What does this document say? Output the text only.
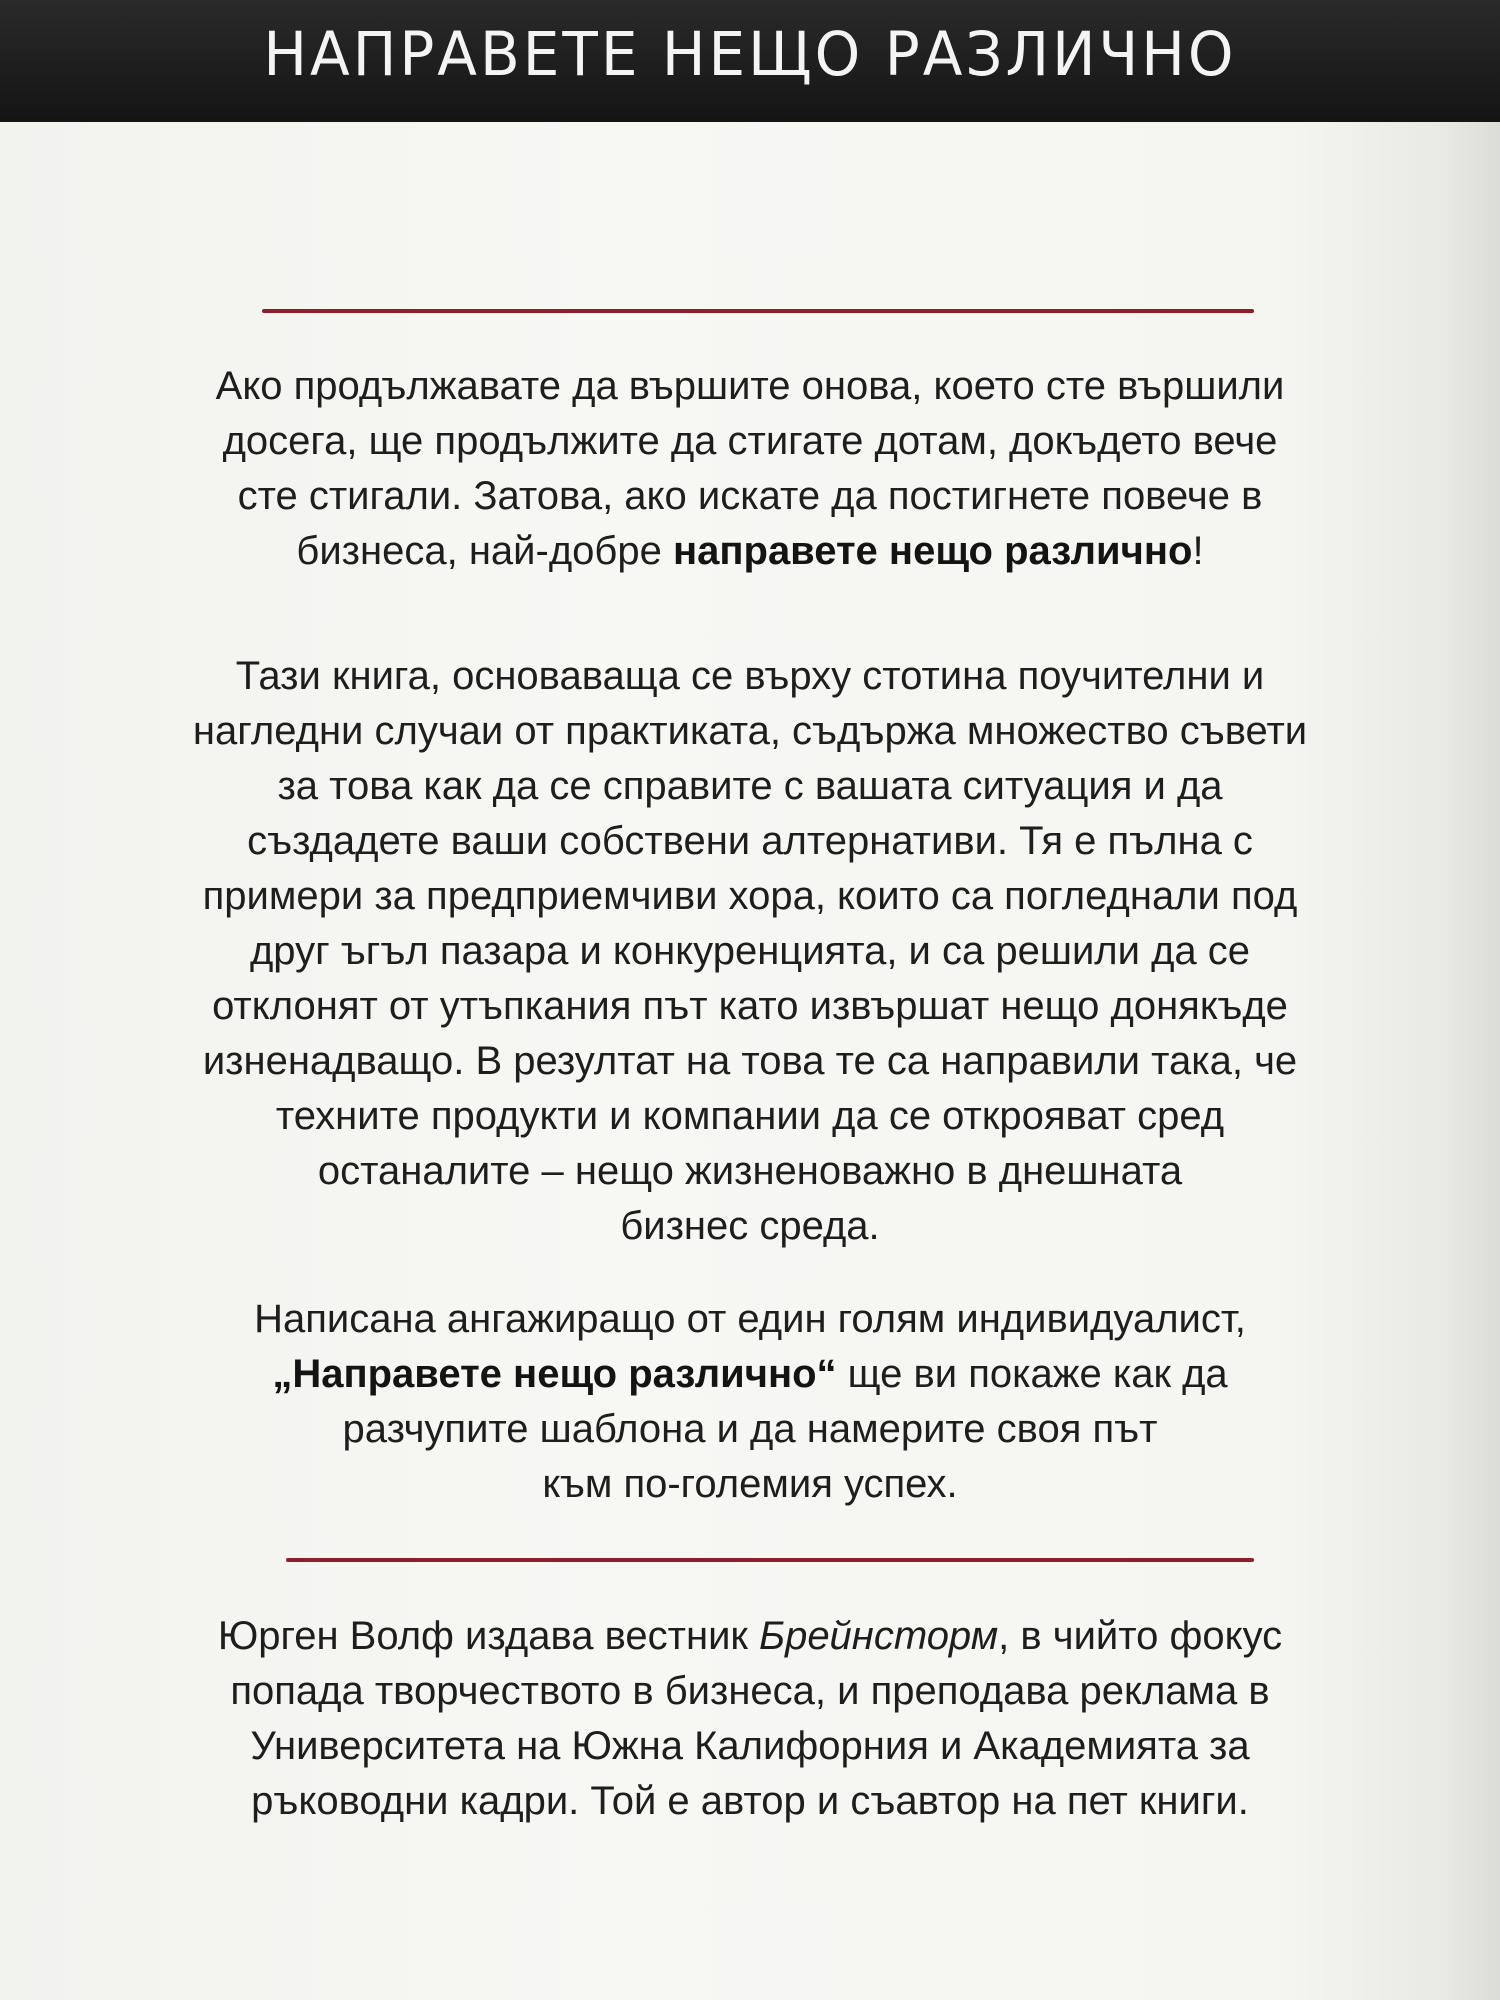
НАПРАВЕТЕ НЕЩО РАЗЛИЧНО

Ако продължавате да вършите онова, което сте вършили
досега, ще продължите да стигате дотам, докъдето вече
сте стигали. Затова, ако искате да постигнете повече в
бизнеса, най-добре направете нещо различно!

Тази книга, основаваща се върху стотина поучителни и
нагледни случаи от практиката, съдържа множество съвети
за това как да се справите с вашата ситуация и да
създадете ваши собствени алтернативи. Тя е пълна с
примери за предприемчиви хора, които са погледнали под
друг ъгъл пазара и конкуренцията, и са решили да се
отклонят от утъпкания път като извършат нещо донякъде
изненадващо. В резултат на това те са направили така, че
техните продукти и компании да се открояват сред
останалите – нещо жизненоважно в днешната
бизнес среда.

Написана ангажиращо от един голям индивидуалист,
„Направете нещо различно“ ще ви покаже как да
разчупите шаблона и да намерите своя път
към по-големия успех.

Юрген Волф издава вестник Брейнсторм, в чийто фокус
попада творчеството в бизнеса, и преподава реклама в
Университета на Южна Калифорния и Академията за
ръководни кадри. Той е автор и съавтор на пет книги.
